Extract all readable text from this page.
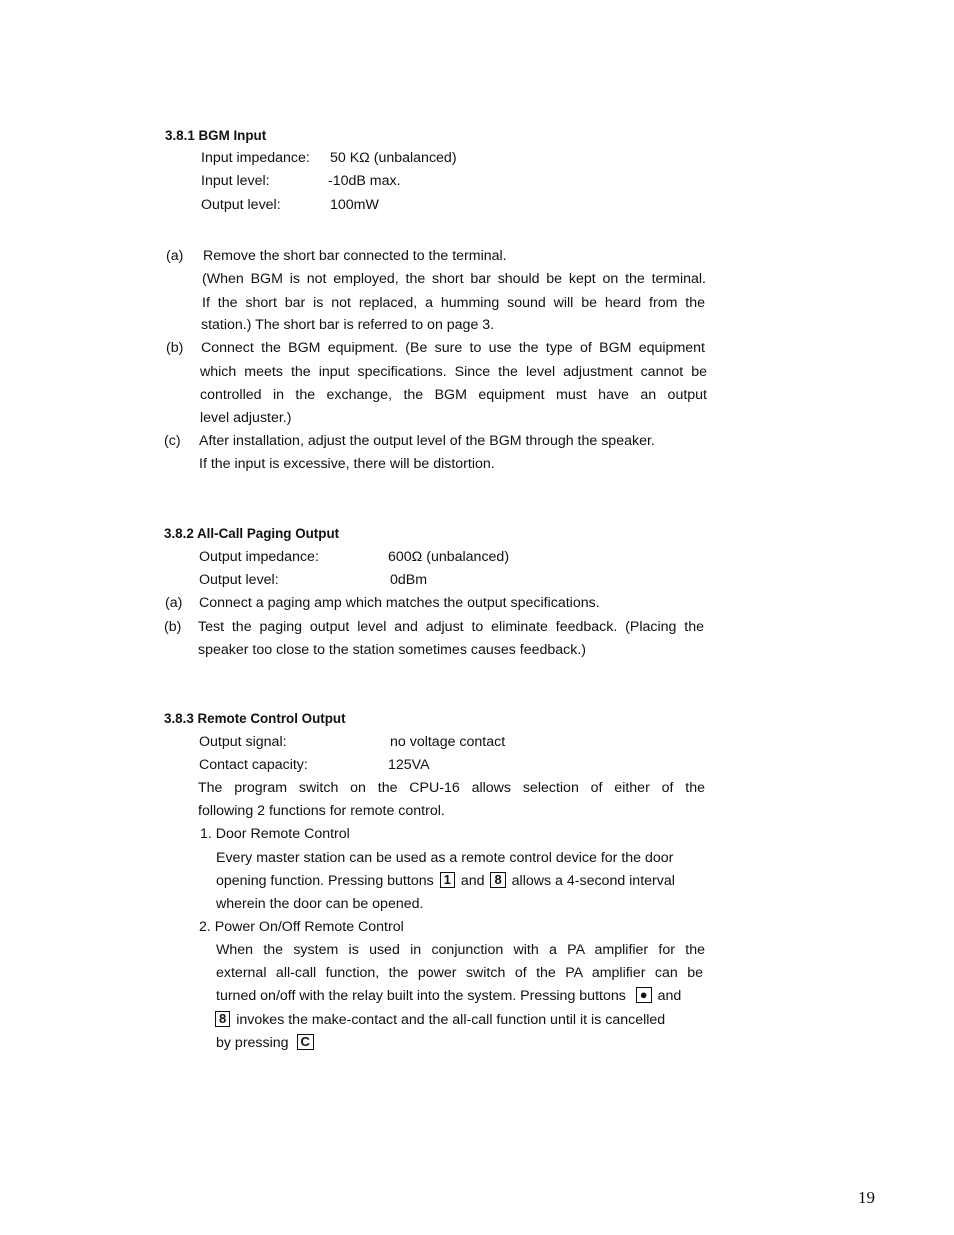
3.8.1 BGM Input
Input impedance: 50 KΩ (unbalanced)
Input level:	-10dB max.
Output level:	100mW
(a) Remove the short bar connected to the terminal.
(When BGM is not employed, the short bar should be kept on the terminal.
If the short bar is not replaced, a humming sound will be heard from the
station.) The short bar is referred to on page 3.
(b) Connect the BGM equipment. (Be sure to use the type of BGM equipment
which meets the input specifications. Since the level adjustment cannot be
controlled in the exchange, the BGM equipment must have an output
level adjuster.)
(c) After installation, adjust the output level of the BGM through the speaker.
If the input is excessive, there will be distortion.
3.8.2 All-Call Paging Output
Output impedance:	600Ω (unbalanced)
Output level:	0dBm
(a) Connect a paging amp which matches the output specifications.
(b) Test the paging output level and adjust to eliminate feedback. (Placing the
speaker too close to the station sometimes causes feedback.)
3.8.3 Remote Control Output
Output signal:	no voltage contact
Contact capacity:	125VA
The program switch on the CPU-16 allows selection of either of the
following 2 functions for remote control.
1. Door Remote Control
Every master station can be used as a remote control device for the door
opening function. Pressing buttons 1 and 8 allows a 4-second interval
wherein the door can be opened.
2. Power On/Off Remote Control
When the system is used in conjunction with a PA amplifier for the
external all-call function, the power switch of the PA amplifier can be
turned on/off with the relay built into the system. Pressing buttons ● and
8 invokes the make-contact and the all-call function until it is cancelled
by pressing C
19
